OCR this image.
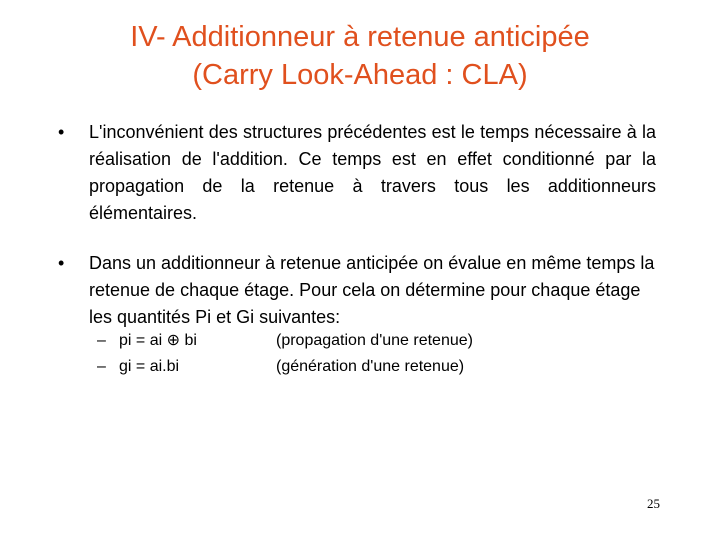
IV- Additionneur à retenue anticipée
(Carry Look-Ahead : CLA)
• L'inconvénient des structures précédentes est le temps nécessaire à la réalisation de l'addition. Ce temps est en effet conditionné par la propagation de la retenue à travers tous les additionneurs élémentaires.
• Dans un additionneur à retenue anticipée on évalue en même temps la retenue de chaque étage. Pour cela on détermine pour chaque étage les quantités Pi et Gi suivantes:
– pi = ai ⊕ bi	(propagation d'une retenue)
– gi = ai.bi	(génération d'une retenue)
25
